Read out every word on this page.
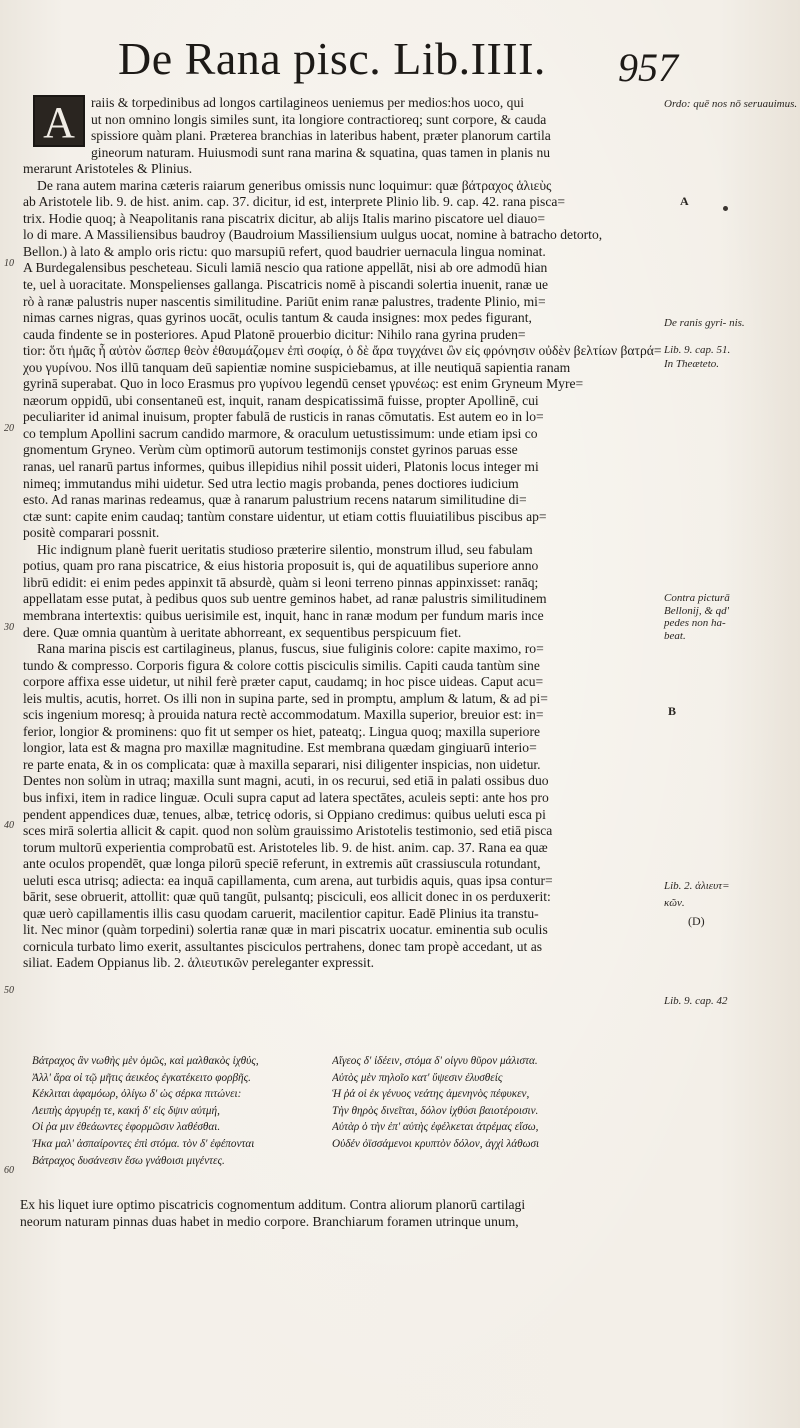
De Rana pisc. Lib.IIII. 957
A	raiis & torpedinibus ad longos cartilagineos ueniemus per medios:hos uoco, qui
ut non omnino longis similes sunt, ita longiore contractioreq; sunt corpore, & cauda
spissiore quàm plani. Præterea branchias in lateribus habent, præter planorum cartila
gineorum naturam. Huiusmodi sunt rana marina & squatina, quas tamen in planis nu
merarunt Aristoteles & Plinius.
De rana autem marina cæteris raiarum generibus omissis nunc loquimur: quæ βάτραχος ἁλιεὺς
ab Aristotele lib. 9. de hist. anim. cap. 37. dicitur, id est, interprete Plinio lib. 9. cap. 42. rana pisca=
trix. Hodie quoq; à Neapolitanis rana piscatrix dicitur, ab alijs Italis marino piscatore uel diauo=
lo di mare. A Massiliensibus baudroy (Baudroium Massiliensium uulgus uocat, nomine à batracho detorto,
Bellon.) à lato & amplo oris rictu: quo marsupiū refert, quod baudrier uernacula lingua nominat.
A Burdegalensibus pescheteau. Siculi lamiā nescio qua ratione appellāt, nisi ab ore admodū hian
te, uel à uoracitate. Monspelienses gallanga. Piscatricis nomē à piscandi solertia inuenit, ranæ ue
rò à ranæ palustris nuper nascentis similitudine. Pariūt enim ranæ palustres, tradente Plinio, mi=
nimas carnes nigras, quas gyrinos uocāt, oculis tantum & cauda insignes: mox pedes figurant,
cauda findente se in posteriores. Apud Platonē prouerbio dicitur: Nihilo rana gyrina pruden=
tior: ὅτι ἡμᾶς ἦ αὐτὸν ὥσπερ θεὸν ἐθαυμάζομεν ἐπὶ σοφίᾳ, ὁ δὲ ἄρα τυγχάνει ὢν εἰς φρόνησιν οὐδὲν βελτίων βατρά=
χου γυρίνου. Nos illū tanquam deū sapientiæ nomine suspiciebamus, at ille neutiquā sapientia ranam
gyrinā superabat. Quo in loco Erasmus pro γυρίνου legendū censet γρυνέως: est enim Gryneum Myre=
næorum oppidū, ubi consentaneū est, inquit, ranam despicatissimā fuisse, propter Apollinē, cui
peculiariter id animal inuisum, propter fabulā de rusticis in ranas cōmutatis. Est autem eo in lo=
co templum Apollini sacrum candido marmore, & oraculum uetustissimum: unde etiam ipsi co
gnomentum Gryneo. Verùm cùm optimorū autorum testimonijs constet gyrinos paruas esse
ranas, uel ranarū partus informes, quibus illepidius nihil possit uideri, Platonis locus integer mi
nimeq; immutandus mihi uidetur. Sed utra lectio magis probanda, penes doctiores iudicium
esto. Ad ranas marinas redeamus, quæ à ranarum palustrium recens natarum similitudine di=
ctæ sunt: capite enim caudaq; tantùm constare uidentur, ut etiam cottis fluuiatilibus piscibus ap=
positè comparari possnit.
Hic indignum planè fuerit ueritatis studioso præterire silentio, monstrum illud, seu fabulam
potius, quam pro rana piscatrice, & eius historia proposuit is, qui de aquatilibus superiore anno
librū edidit: ei enim pedes appinxit tā absurdè, quàm si leoni terreno pinnas appinxisset: ranāq;
appellatam esse putat, à pedibus quos sub uentre geminos habet, ad ranæ palustris similitudinem
membrana intertextis: quibus uerisimile est, inquit, hanc in ranæ modum per fundum maris ince
dere. Quæ omnia quantùm à ueritate abhorreant, ex sequentibus perspicuum fiet.
Rana marina piscis est cartilagineus, planus, fuscus, siue fuliginis colore: capite maximo, ro=
tundo & compresso. Corporis figura & colore cottis pisciculis similis. Capiti cauda tantùm sine
corpore affixa esse uidetur, ut nihil ferè præter caput, caudamq; in hoc pisce uideas. Caput acu=
leis multis, acutis, horret. Os illi non in supina parte, sed in promptu, amplum & latum, & ad pi=
scis ingenium moresq; à prouida natura rectè accommodatum. Maxilla superior, breuior est: in=
ferior, longior & prominens: quo fit ut semper os hiet, pateatq;. Lingua quoq; maxilla superiore
longior, lata est & magna pro maxillæ magnitudine. Est membrana quædam gingiuarū interio=
re parte enata, & in os complicata: quæ à maxilla separari, nisi diligenter inspicias, non uidetur.
Dentes non solùm in utraq; maxilla sunt magni, acuti, in os recurui, sed etiā in palati ossibus duo
bus infixi, item in radice linguæ. Oculi supra caput ad latera spectātes, aculeis septi: ante hos pro
pendent appendices duæ, tenues, albæ, tetricę odoris, si Oppiano credimus: quibus ueluti esca pi
sces mirā solertia allicit & capit. quod non solùm grauissimo Aristotelis testimonio, sed etiā pisca
torum multorū experientia comprobatū est. Aristoteles lib. 9. de hist. anim. cap. 37. Rana ea quæ
ante oculos propendēt, quæ longa pilorū speciē referunt, in extremis aūt crassiuscula rotundant,
ueluti esca utrisq; adiecta: ea inquā capillamenta, cum arena, aut turbidis aquis, quas ipsa contur=
bārit, sese obruerit, attollit: quæ quū tangūt, pulsantq; pisciculi, eos allicit donec in os perduxerit:
quæ uerò capillamentis illis casu quodam caruerit, macilentior capitur. Eadē Plinius ita transtu-
lit. Nec minor (quàm torpedini) solertia ranæ quæ in mari piscatrix uocatur. eminentia sub oculis
cornicula turbato limo exerit, assultantes pisciculos pertrahens, donec tam propè accedant, ut as
siliat. Eadem Oppianus lib. 2. ἁλιευτικῶν pereleganter expressit.
Ordo: quē nos nō seruauimus.
A
De ranis gyri- nis.
Lib. 9. cap. 51.
In Theæteto.
Contra picturā Bellonij, & qd' pedes non ha- beat.
B
Lib. 2. ἁλιευτ=
κῶν.
(D)
Lib. 9. cap. 42
10
20
30
40
50
60
Βάτραχος ἂν νωθὴς μὲν ὁμῶς, καὶ μαλθακὸς ἰχθύς,
Ἀλλ' ἄρα οἱ τῷ μῆτις ἀεικέος ἐγκατέκειτο φορβῆς.
Κέκλιται ἀφαμόωρ, ὀλίγω δ' ὡς σέρκα πιτώνει:
Λειπὴς ἀργυρέῃ τε, κακή δ' εἰς δψιν αὐτμή,
Οἱ ῥα μιν ἐθεάωντες ἐφορμῶσιν λαθέσθαι.
Ἠκα μαλ' ἀσπαίροντες ἐπὶ στόμα. τὸν δ' ἐφέπονται
Βάτραχος δυσάνεσιν ἔσω γνάθοισι μιγέντες.
Αἴγεος δ' ἰδέειν, στόμα δ' οἰγνυ θῦρον μάλιστα.
Αὐτὸς μὲν πηλοῖο κατ' ὕψεσιν ἐλυσθείς
Ἡ ῥά οἱ ἐκ γένυος νεάτης ἀμενηνὸς πέφυκεν,
Τὴν θηρὸς δινεῖται, δόλον ἰχθύσι βαιοτέροισιν.
Αὐτὰρ ὁ τὴν ἐπ' αὐτὴς ἐφέλκεται ἀτρέμας εἴσω,
Οὐδέν ὀϊσσάμενοι κρυπτὸν δόλον, ἀγχὶ λάθωσι
Ex his liquet iure optimo piscatricis cognomentum additum. Contra aliorum planorū cartilagi
neorum naturam pinnas duas habet in medio corpore. Branchiarum foramen utrinque unum,
